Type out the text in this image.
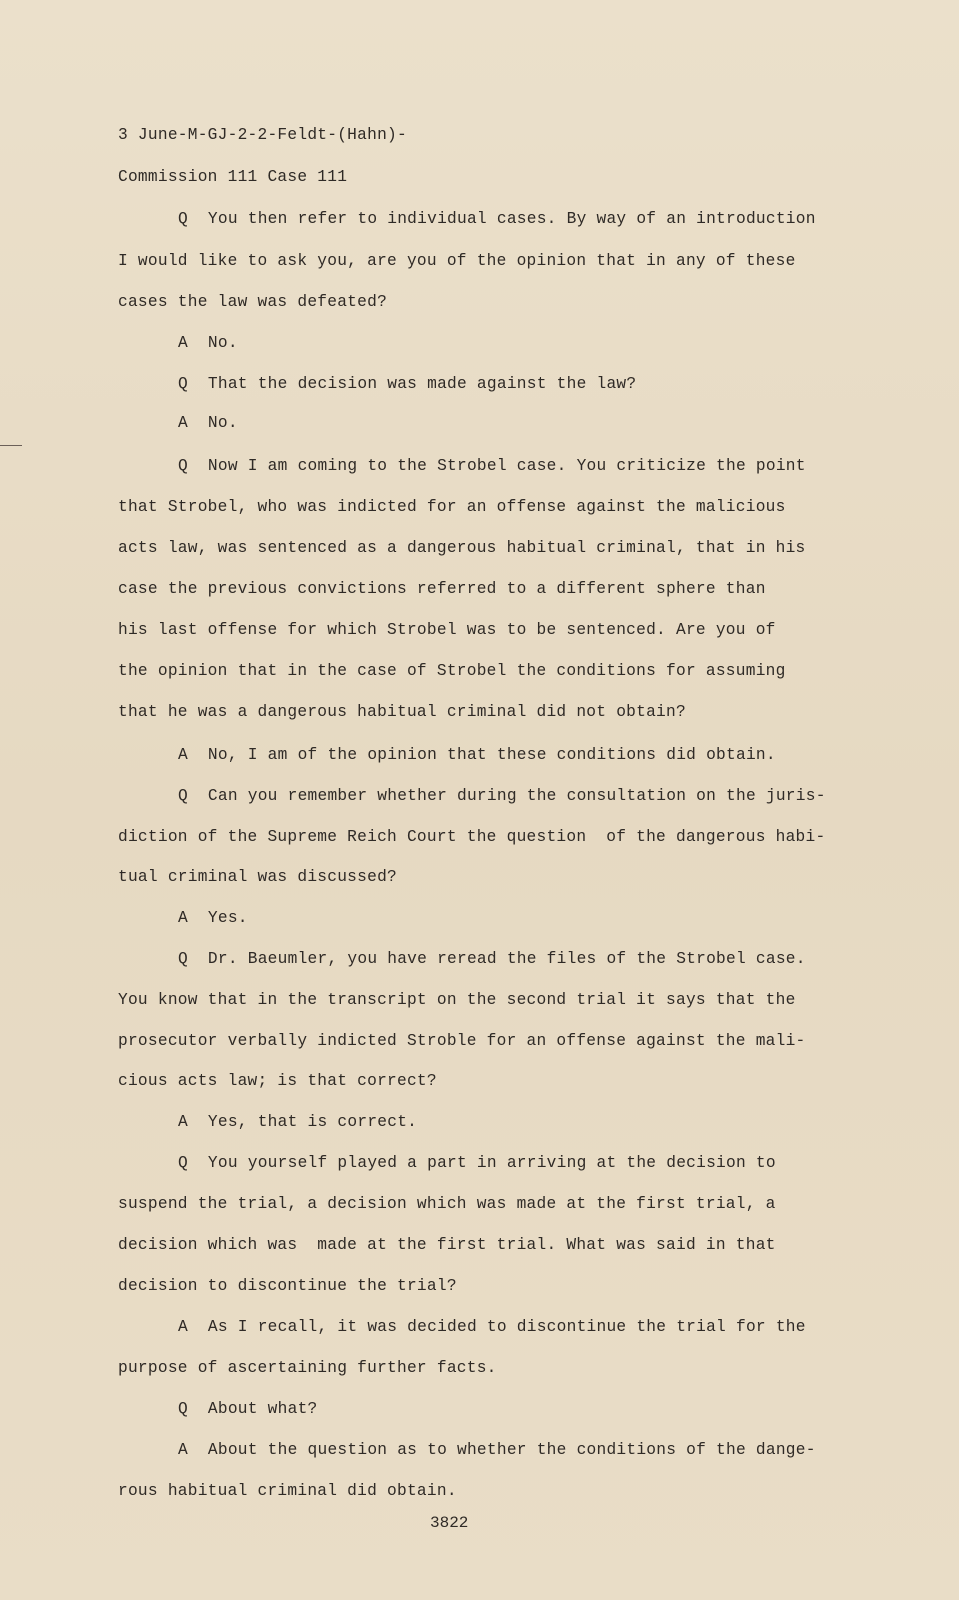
3 June-M-GJ-2-2-Feldt-(Hahn)-
Commission 111 Case 111
Q  You then refer to individual cases. By way of an introduction
I would like to ask you, are you of the opinion that in any of these
cases the law was defeated?
A  No.
Q  That the decision was made against the law?
A  No.
Q  Now I am coming to the Strobel case. You criticize the point
that Strobel, who was indicted for an offense against the malicious
acts law, was sentenced as a dangerous habitual criminal, that in his
case the previous convictions referred to a different sphere than
his last offense for which Strobel was to be sentenced. Are you of
the opinion that in the case of Strobel the conditions for assuming
that he was a dangerous habitual criminal did not obtain?
A  No, I am of the opinion that these conditions did obtain.
Q  Can you remember whether during the consultation on the juris-
diction of the Supreme Reich Court the question  of the dangerous habi-
tual criminal was discussed?
A  Yes.
Q  Dr. Baeumler, you have reread the files of the Strobel case.
You know that in the transcript on the second trial it says that the
prosecutor verbally indicted Stroble for an offense against the mali-
cious acts law; is that correct?
A  Yes, that is correct.
Q  You yourself played a part in arriving at the decision to
suspend the trial, a decision which was made at the first trial, a
decision which was  made at the first trial. What was said in that
decision to discontinue the trial?
A  As I recall, it was decided to discontinue the trial for the
purpose of ascertaining further facts.
Q  About what?
A  About the question as to whether the conditions of the dange-
rous habitual criminal did obtain.
3822
